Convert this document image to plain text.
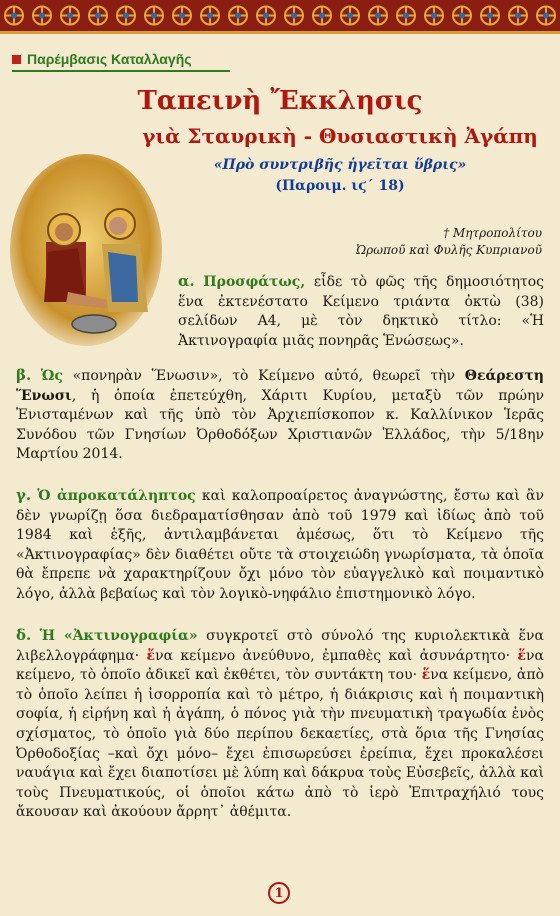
Παρέμβασις Καταλλαγῆς
Ταπεινὴ Ἔκκλησις
γιὰ Σταυρικὴ - Θυσιαστικὴ Ἀγάπη
«Πρὸ συντριβῆς ἡγεῖται ὕβρις»
(Παροιμ. ιϛ΄ 18)
† Μητροπολίτου
Ὠρωποῦ καὶ Φυλῆς Κυπριανοῦ

α. Προσφάτως, εἶδε τὸ φῶς τῆς δημοσιότητος ἕνα ἐκτενέστατο Κείμενο τριάντα ὀκτὼ (38) σελίδων Α4, μὲ τὸν δηκτικὸ τίτλο: «Ἡ Ἀκτινογραφία μιᾶς πονηρᾶς Ἑνώσεως».

β. Ὡς «πονηρὰν Ἕνωσιν», τὸ Κείμενο αὐτό, θεωρεῖ τὴν Θεάρεστη Ἕνωσι, ἡ ὁποία ἐπετεύχθη, Χάριτι Κυρίου, μεταξὺ τῶν πρώην Ἐνισταμένων καὶ τῆς ὑπὸ τὸν Ἀρχιεπίσκοπον κ. Καλλίνικον Ἱερᾶς Συνόδου τῶν Γνησίων Ὀρθοδόξων Χριστιανῶν Ἑλλάδος, τὴν 5/18ην Μαρτίου 2014.

γ. Ὁ ἀπροκατάληπτος καὶ καλοπροαίρετος ἀναγνώστης, ἔστω καὶ ἂν δὲν γνωρίζῃ ὅσα διεδραματίσθησαν ἀπὸ τοῦ 1979 καὶ ἰδίως ἀπὸ τοῦ 1984 καὶ ἑξῆς, ἀντιλαμβάνεται ἀμέσως, ὅτι τὸ Κείμενο τῆς «Ἀκτινογραφίας» δὲν διαθέτει οὔτε τὰ στοιχειώδη γνωρίσματα, τὰ ὁποῖα θὰ ἔπρεπε νὰ χαρακτηρίζουν ὄχι μόνο τὸν εὐαγγελικὸ καὶ ποιμαντικὸ λόγο, ἀλλὰ βεβαίως καὶ τὸν λογικὸ-νηφάλιο ἐπιστημονικὸ λόγο.

δ. Ἡ «Ἀκτινογραφία» συγκροτεῖ στὸ σύνολό της κυριολεκτικὰ ἕνα λιβελλογράφημα· ἕνα κείμενο ἀνεύθυνο, ἐμπαθὲς καὶ ἀσυνάρτητο· ἕνα κείμενο, τὸ ὁποῖο ἀδικεῖ καὶ ἐκθέτει, τὸν συντάκτη του· ἕνα κείμενο, ἀπὸ τὸ ὁποῖο λείπει ἡ ἰσορροπία καὶ τὸ μέτρο, ἡ διάκρισις καὶ ἡ ποιμαντικὴ σοφία, ἡ εἰρήνη καὶ ἡ ἀγάπη, ὁ πόνος γιὰ τὴν πνευματικὴ τραγωδία ἑνὸς σχίσματος, τὸ ὁποῖο γιὰ δύο περίπου δεκαετίες, στὰ ὅρια τῆς Γνησίας Ὀρθοδοξίας –καὶ ὄχι μόνο– ἔχει ἐπισωρεύσει ἐρείπια, ἔχει προκαλέσει ναυάγια καὶ ἔχει διαποτίσει μὲ λύπη καὶ δάκρυα τοὺς Εὐσεβεῖς, ἀλλὰ καὶ τοὺς Πνευματικούς, οἱ ὁποῖοι κάτω ἀπὸ τὸ ἱερὸ Ἐπιτραχήλιό τους ἄκουσαν καὶ ἀκούουν ἄρρητ᾿ ἀθέμιτα.

1
